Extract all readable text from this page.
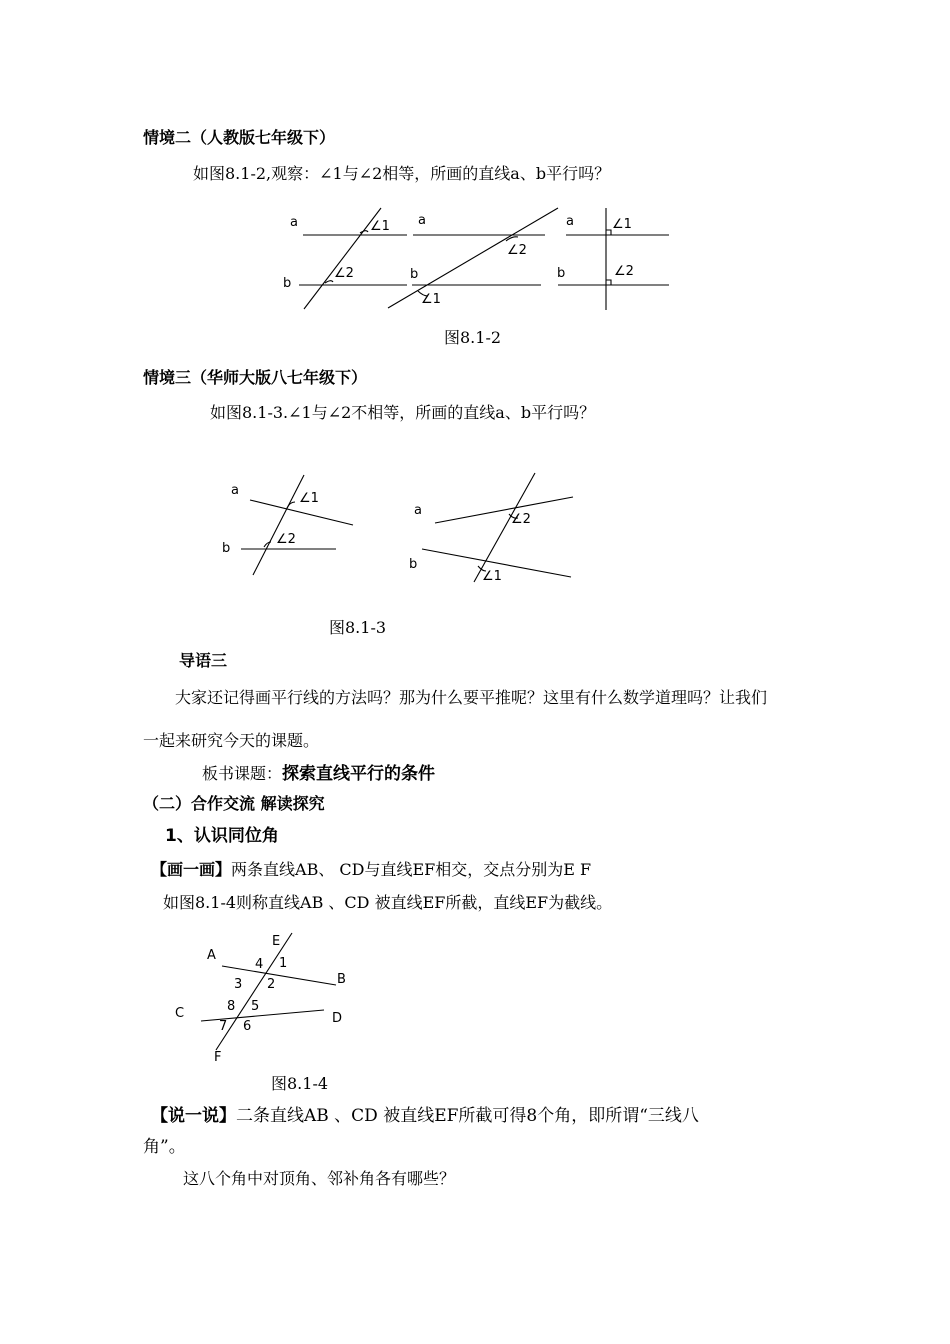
情境二（人教版七年级下）
如图8.1-2,观察：∠1与∠2相等，所画的直线a、b平行吗？
a
b
∠1
∠2
a
b
∠2
∠1
a
b
∠1
∠2
a
b
∠1
∠2
a
b
∠2
∠1
A
B
C	D
E
F
1
2
3
4
5
6
7
8
图8.1-2
情境三（华师大版八七年级下）
如图8.1-3.∠1与∠2不相等，所画的直线a、b平行吗？
图8.1-3
导语三
大家还记得画平行线的方法吗？那为什么要平推呢？这里有什么数学道理吗？让我们
一起来研究今天的课题。
板书课题：探索直线平行的条件
（二）合作交流 解读探究
1、认识同位角
【画一画】两条直线AB、 CD与直线EF相交，交点分别为E F
如图8.1-4则称直线AB 、CD 被直线EF所截，直线EF为截线。
图8.1-4
【说一说】二条直线AB 、CD 被直线EF所截可得8个角，即所谓“三线八
角”。
这八个角中对顶角、邻补角各有哪些？
